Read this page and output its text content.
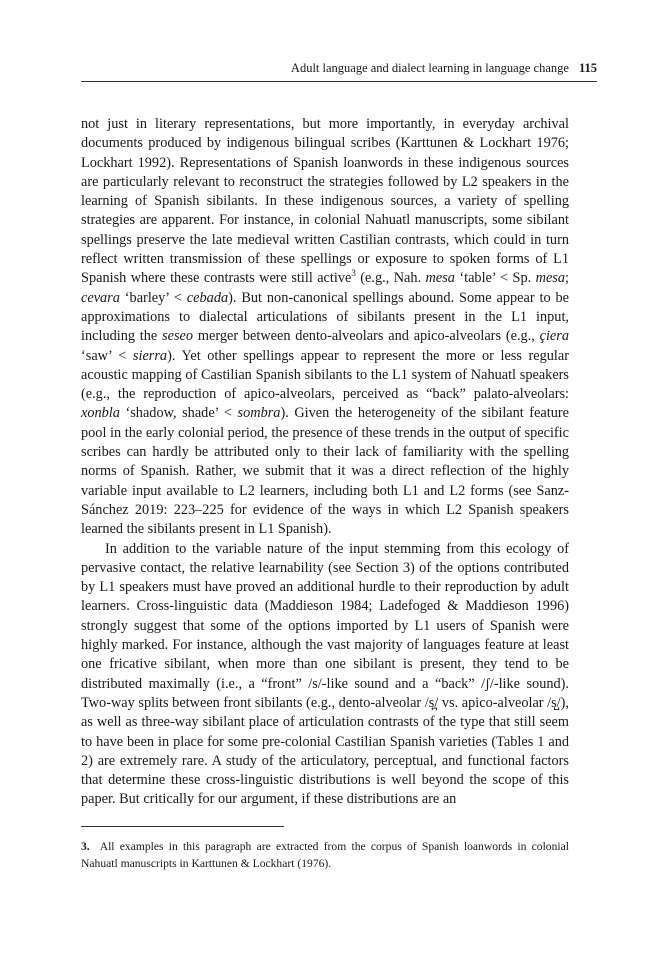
Adult language and dialect learning in language change 115

not just in literary representations, but more importantly, in everyday archival documents produced by indigenous bilingual scribes (Karttunen & Lockhart 1976; Lockhart 1992). Representations of Spanish loanwords in these indigenous sources are particularly relevant to reconstruct the strategies followed by L2 speakers in the learning of Spanish sibilants. In these indigenous sources, a variety of spelling strategies are apparent. For instance, in colonial Nahuatl manuscripts, some sibilant spellings preserve the late medieval written Castilian contrasts, which could in turn reflect written transmission of these spellings or exposure to spoken forms of L1 Spanish where these contrasts were still active$^3$ (e.g., Nah. mesa ‘table’ < Sp. mesa; cevara ‘barley’ < cebada). But non-canonical spellings abound. Some appear to be approximations to dialectal articulations of sibilants present in the L1 input, including the seseo merger between dento-alveolars and apico-alveolars (e.g., çiera ‘saw’ < sierra). Yet other spellings appear to represent the more or less regular acoustic mapping of Castilian Spanish sibilants to the L1 system of Nahuatl speakers (e.g., the reproduction of apico-alveolars, perceived as “back” palato-alveolars: xonbla ‘shadow, shade’ < sombra). Given the heterogeneity of the sibilant feature pool in the early colonial period, the presence of these trends in the output of specific scribes can hardly be attributed only to their lack of familiarity with the spelling norms of Spanish. Rather, we submit that it was a direct reflection of the highly variable input available to L2 learners, including both L1 and L2 forms (see Sanz-Sánchez 2019: 223–225 for evidence of the ways in which L2 Spanish speakers learned the sibilants present in L1 Spanish).

In addition to the variable nature of the input stemming from this ecology of pervasive contact, the relative learnability (see Section 3) of the options contributed by L1 speakers must have proved an additional hurdle to their reproduction by adult learners. Cross-linguistic data (Maddieson 1984; Ladefoged & Maddieson 1996) strongly suggest that some of the options imported by L1 users of Spanish were highly marked. For instance, although the vast majority of languages feature at least one fricative sibilant, when more than one sibilant is present, they tend to be distributed maximally (i.e., a “front” /s/-like sound and a “back” /ʃ/-like sound). Two-way splits between front sibilants (e.g., dento-alveolar /s̪/ vs. apico-alveolar /s̺/), as well as three-way sibilant place of articulation contrasts of the type that still seem to have been in place for some pre-colonial Castilian Spanish varieties (Tables 1 and 2) are extremely rare. A study of the articulatory, perceptual, and functional factors that determine these cross-linguistic distributions is well beyond the scope of this paper. But critically for our argument, if these distributions are an

3. All examples in this paragraph are extracted from the corpus of Spanish loanwords in colonial Nahuatl manuscripts in Karttunen & Lockhart (1976).
